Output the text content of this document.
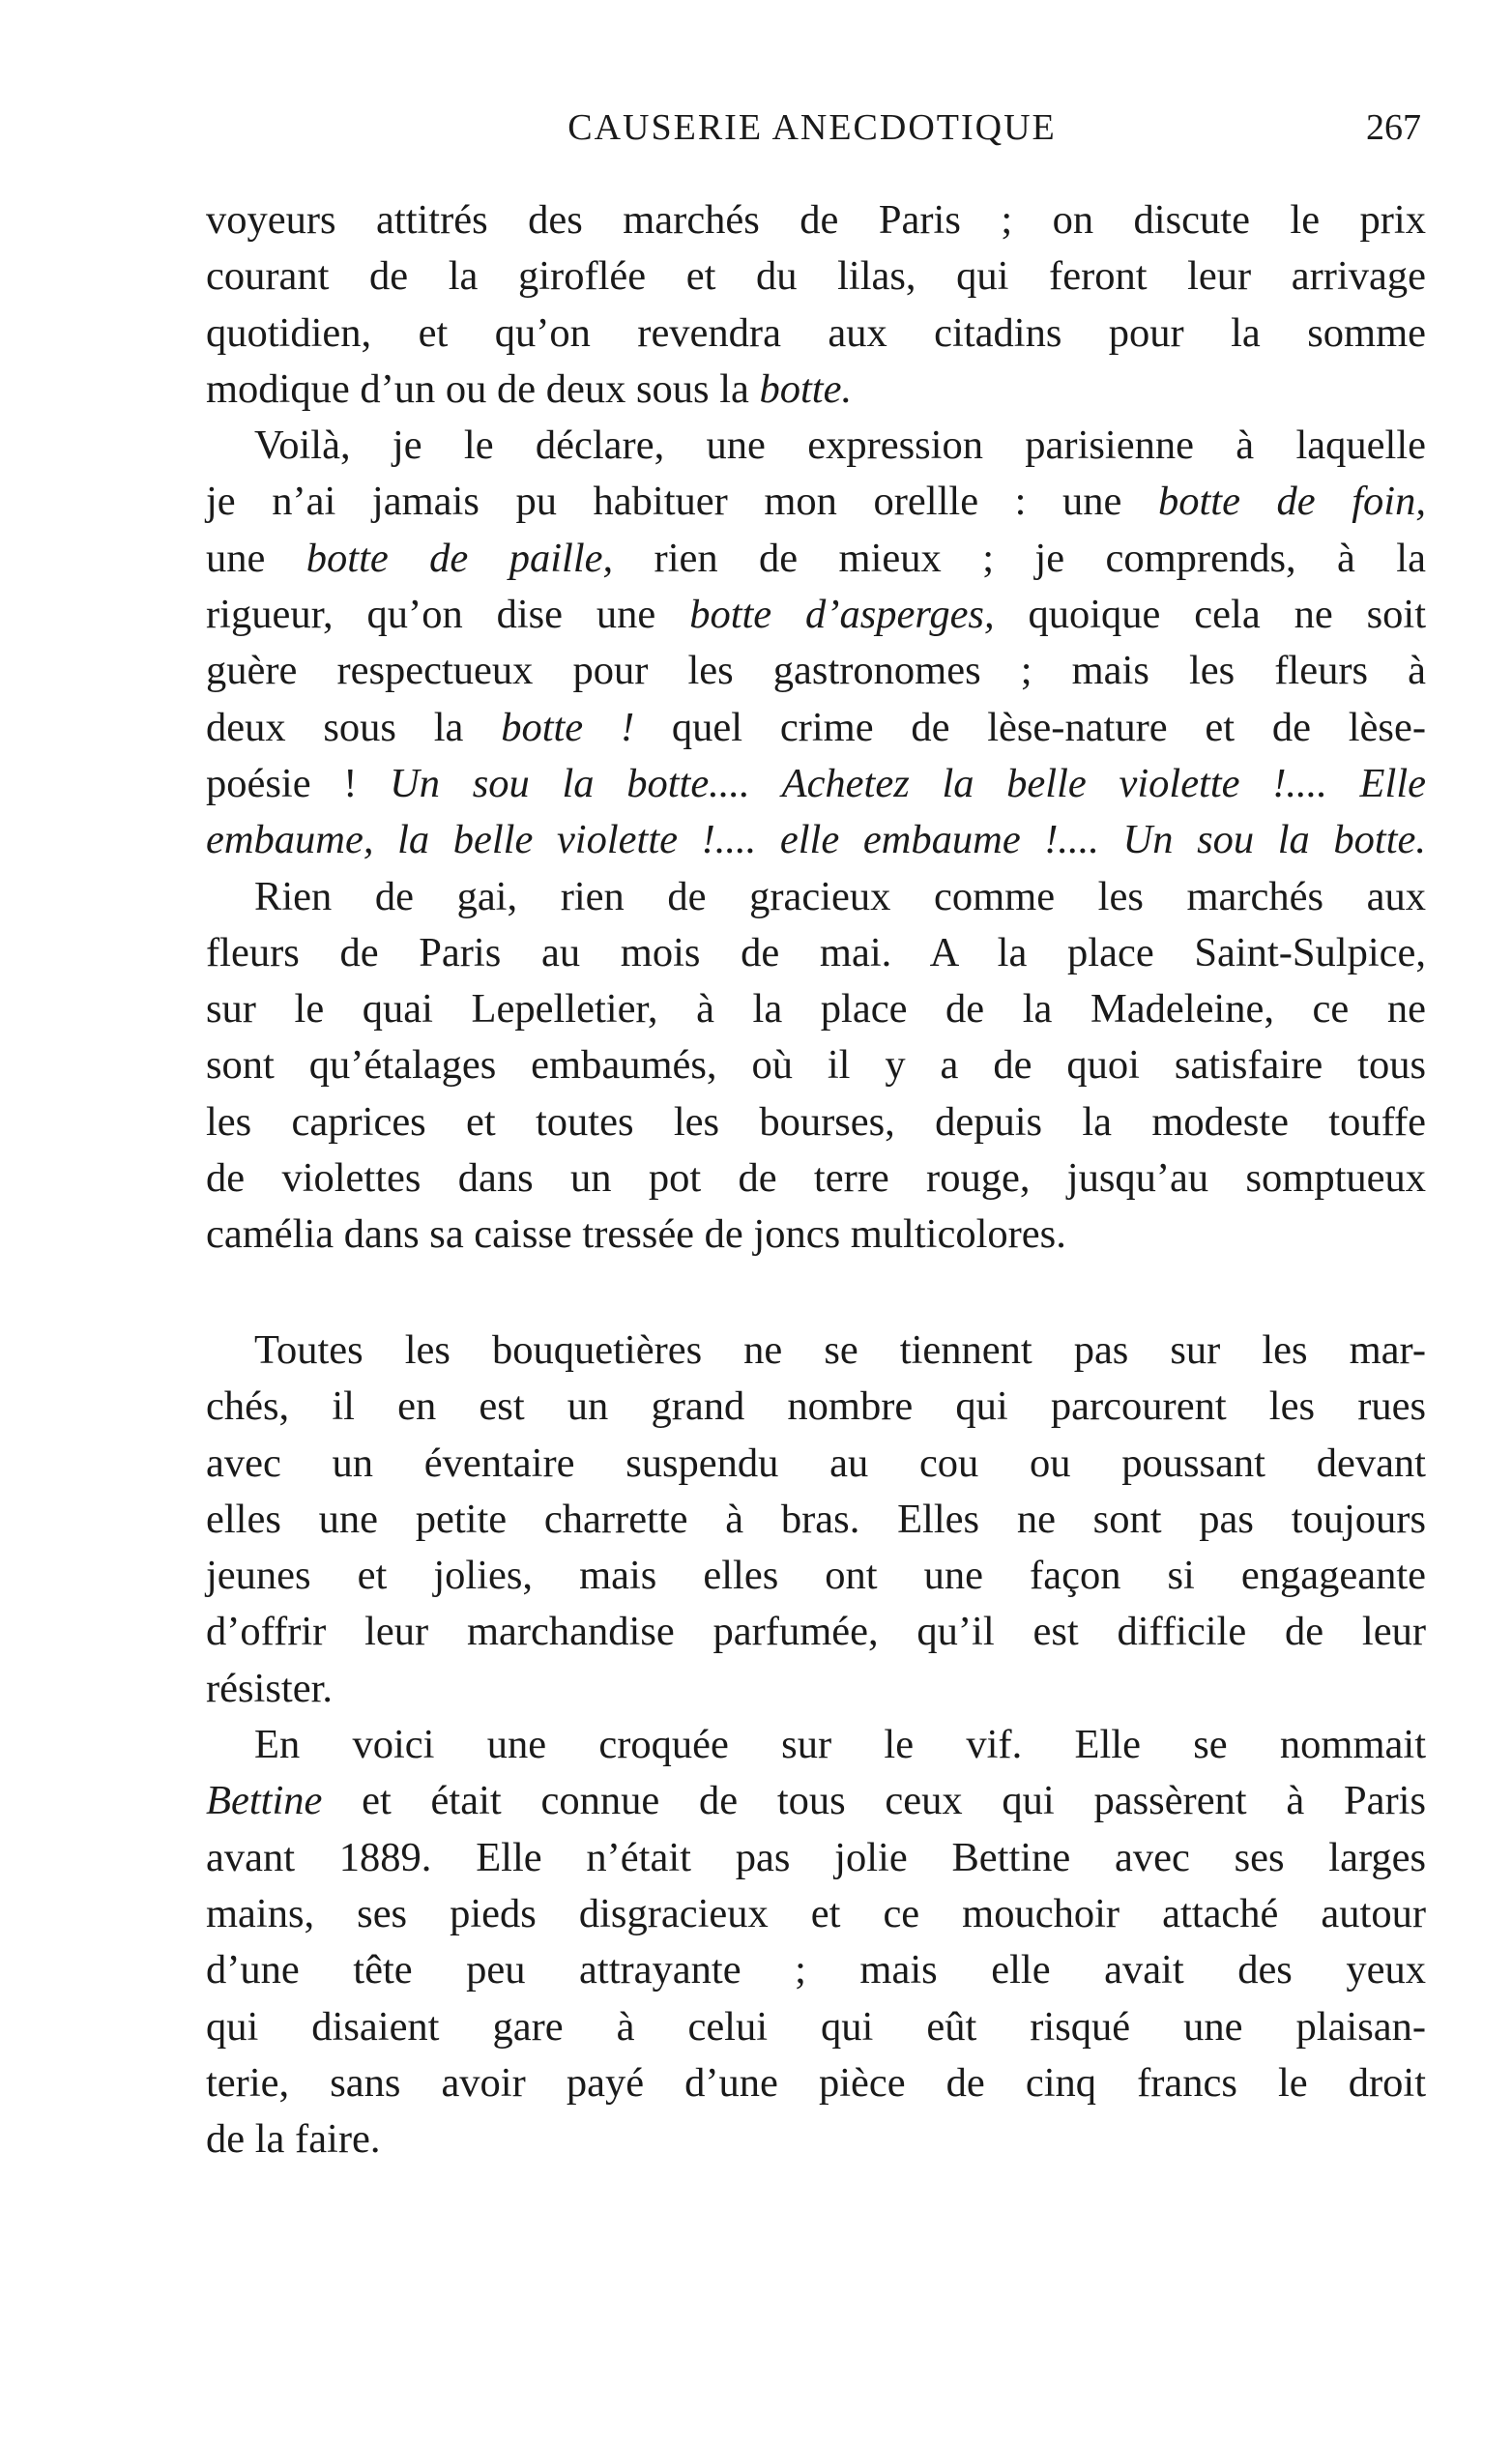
CAUSERIE ANECDOTIQUE	267
voyeurs attitrés des marchés de Paris ; on discute le prix
courant de la giroflée et du lilas, qui feront leur arrivage
quotidien, et qu’on revendra aux citadins pour la somme
modique d’un ou de deux sous la botte.
Voilà, je le déclare, une expression parisienne à laquelle
je n’ai jamais pu habituer mon orellle : une botte de foin,
une botte de paille, rien de mieux ; je comprends, à la
rigueur, qu’on dise une botte d’asperges, quoique cela ne soit
guère respectueux pour les gastronomes ; mais les fleurs à
deux sous la botte ! quel crime de lèse-nature et de lèse-
poésie ! Un sou la botte.... Achetez la belle violette !.... Elle
embaume, la belle violette !.... elle embaume !.... Un sou la botte.
Rien de gai, rien de gracieux comme les marchés aux
fleurs de Paris au mois de mai. A la place Saint-Sulpice,
sur le quai Lepelletier, à la place de la Madeleine, ce ne
sont qu’étalages embaumés, où il y a de quoi satisfaire tous
les caprices et toutes les bourses, depuis la modeste touffe
de violettes dans un pot de terre rouge, jusqu’au somptueux
camélia dans sa caisse tressée de joncs multicolores.
Toutes les bouquetières ne se tiennent pas sur les mar-
chés, il en est un grand nombre qui parcourent les rues
avec un éventaire suspendu au cou ou poussant devant
elles une petite charrette à bras. Elles ne sont pas toujours
jeunes et jolies, mais elles ont une façon si engageante
d’offrir leur marchandise parfumée, qu’il est difficile de leur
résister.
En voici une croquée sur le vif. Elle se nommait
Bettine et était connue de tous ceux qui passèrent à Paris
avant 1889. Elle n’était pas jolie Bettine avec ses larges
mains, ses pieds disgracieux et ce mouchoir attaché autour
d’une tête peu attrayante ; mais elle avait des yeux
qui disaient gare à celui qui eût risqué une plaisan-
terie, sans avoir payé d’une pièce de cinq francs le droit
de la faire.
